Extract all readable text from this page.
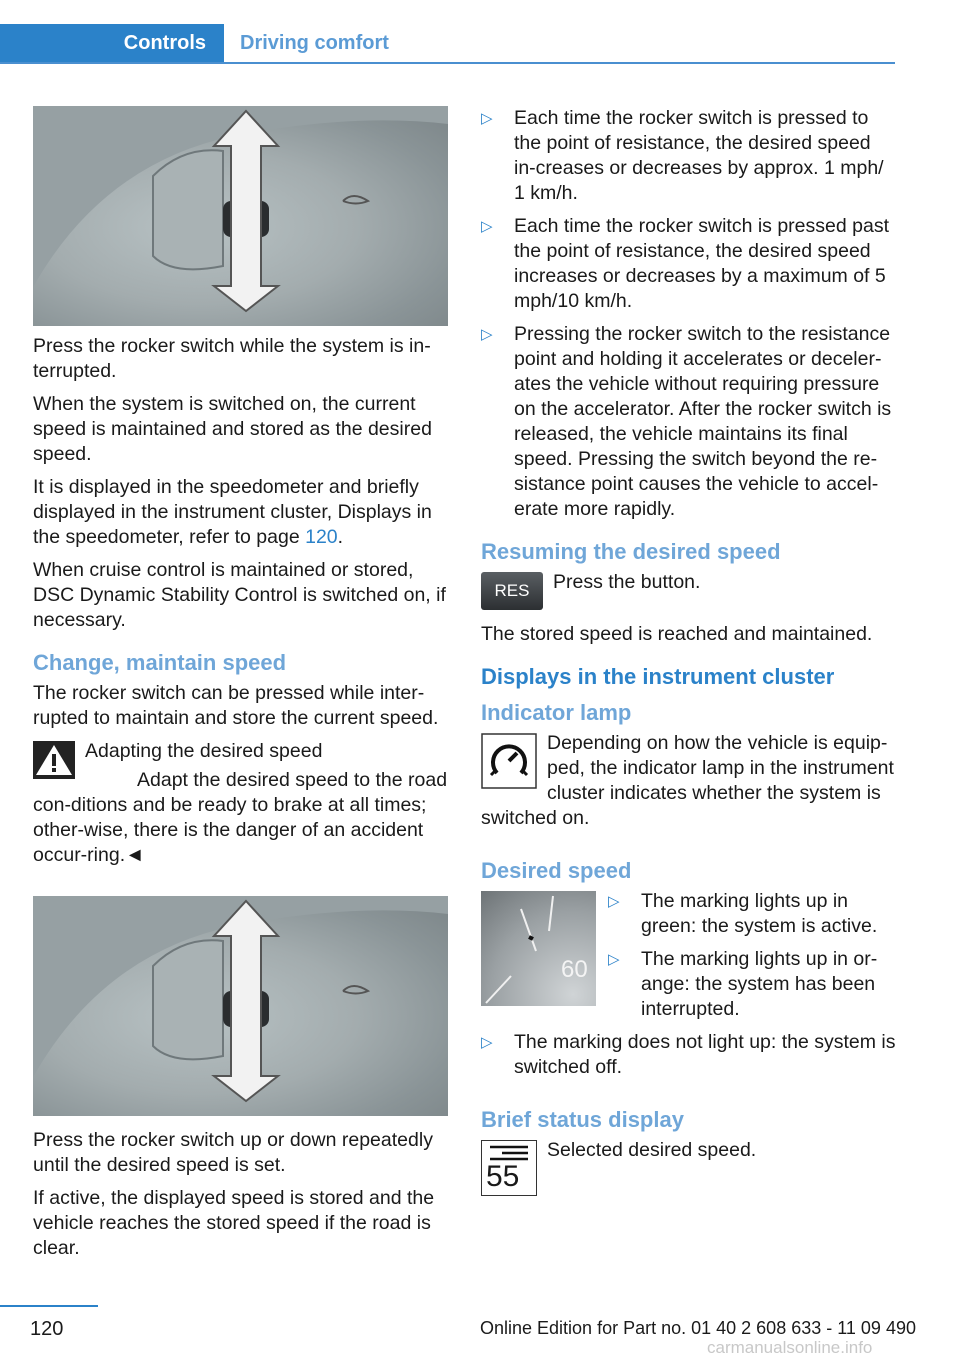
Controls	Driving comfort

Press the rocker switch while the system is in-terrupted.

When the system is switched on, the current speed is maintained and stored as the desired speed.

It is displayed in the speedometer and briefly displayed in the instrument cluster, Displays in the speedometer, refer to page 120.

When cruise control is maintained or stored, DSC Dynamic Stability Control is switched on, if necessary.

Change, maintain speed

The rocker switch can be pressed while inter-rupted to maintain and store the current speed.

Adapting the desired speed
Adapt the desired speed to the road con-ditions and be ready to brake at all times; other-wise, there is the danger of an accident occur-ring.◄

Press the rocker switch up or down repeatedly until the desired speed is set.

If active, the displayed speed is stored and the vehicle reaches the stored speed if the road is clear.

▷ Each time the rocker switch is pressed to the point of resistance, the desired speed in-creases or decreases by approx. 1 mph/ 1 km/h.
▷ Each time the rocker switch is pressed past the point of resistance, the desired speed increases or decreases by a maximum of 5 mph/10 km/h.
▷ Pressing the rocker switch to the resistance point and holding it accelerates or deceler-ates the vehicle without requiring pressure on the accelerator. After the rocker switch is released, the vehicle maintains its final speed. Pressing the switch beyond the re-sistance point causes the vehicle to accel-erate more rapidly.
Resuming the desired speed
RES	Press the button.

The stored speed is reached and maintained.

Displays in the instrument cluster
Indicator lamp
Depending on how the vehicle is equip-ped, the indicator lamp in the instrument cluster indicates whether the system is switched on.
Desired speed
60
▷ The marking lights up in green: the system is active.
▷ The marking lights up in or-ange: the system has been interrupted.
▷ The marking does not light up: the system is switched off.
Brief status display
55
Selected desired speed.
120	Online Edition for Part no. 01 40 2 608 633 - 11 09 490
carmanualsonline.info
